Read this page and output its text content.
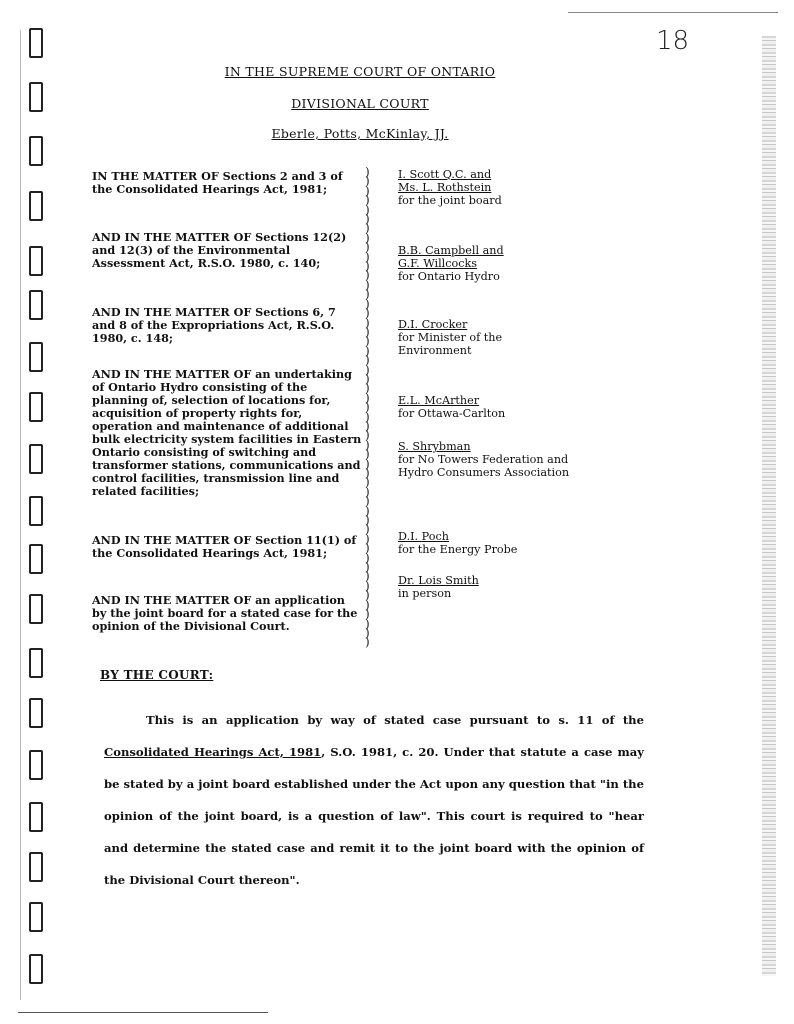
18
IN THE SUPREME COURT OF ONTARIO
DIVISIONAL COURT
Eberle, Potts, McKinlay, JJ.
IN THE MATTER OF Sections 2 and 3 of the Consolidated Hearings Act, 1981;
AND IN THE MATTER OF Sections 12(2) and 12(3) of the Environmental Assessment Act, R.S.O. 1980, c. 140;
AND IN THE MATTER OF Sections 6, 7 and 8 of the Expropriations Act, R.S.O. 1980, c. 148;
AND IN THE MATTER OF an undertaking of Ontario Hydro consisting of the planning of, selection of locations for, acquisition of property rights for, operation and maintenance of additional bulk electricity system facilities in Eastern Ontario consisting of switching and transformer stations, communications and control facilities, transmission line and related facilities;
AND IN THE MATTER OF Section 11(1) of the Consolidated Hearings Act, 1981;
AND IN THE MATTER OF an application by the joint board for a stated case for the opinion of the Divisional Court.
)
)
)
)
)
)
)
)
)
)
)
)
)
)
)
)
)
)
)
)
)
)
)
)
)
)
)
)
)
)
)
)
)
)
)
)
)
)
)
)
)
)
)
)
)
)
)
)
)
)
)
I. Scott Q.C. and
Ms. L. Rothstein
for the joint board
B.B. Campbell and
G.F. Willcocks
for Ontario Hydro
D.I. Crocker
for Minister of the Environment
E.L. McArther
for Ottawa-Carlton
S. Shrybman
for No Towers Federation and Hydro Consumers Association
D.I. Poch
for the Energy Probe
Dr. Lois Smith
in person
BY THE COURT:
This is an application by way of stated case pursuant to s. 11 of the Consolidated Hearings Act, 1981, S.O. 1981, c. 20. Under that statute a case may be stated by a joint board established under the Act upon any question that "in the opinion of the joint board, is a question of law". This court is required to "hear and determine the stated case and remit it to the joint board with the opinion of the Divisional Court thereon".
